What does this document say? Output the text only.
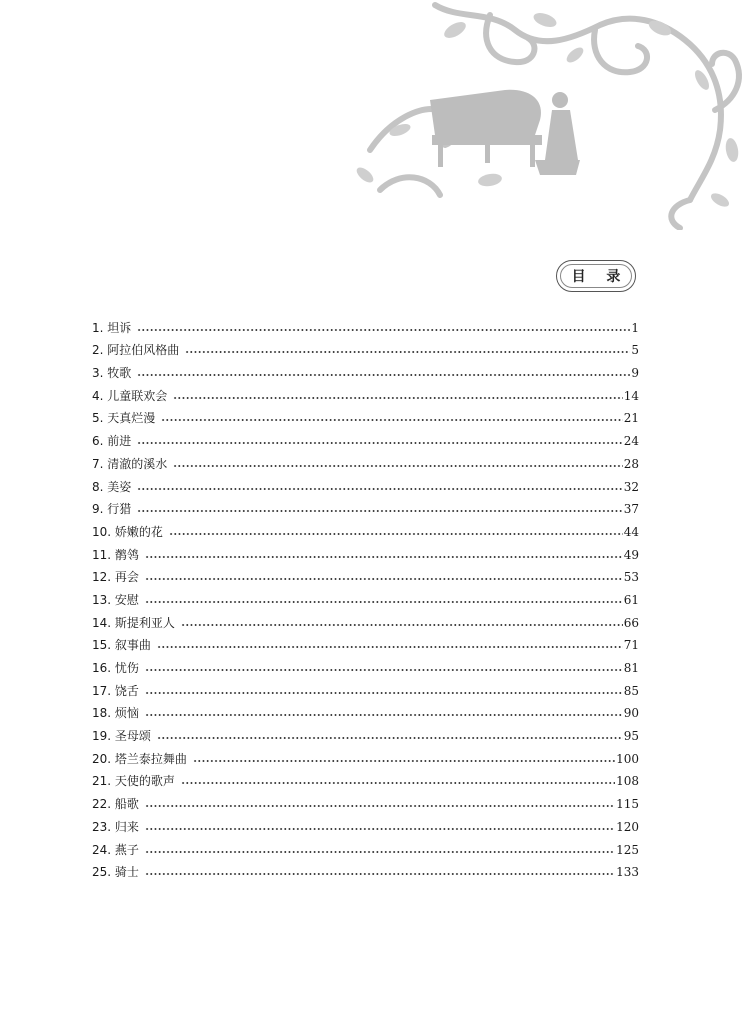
目 录
1. 坦诉	1
2. 阿拉伯风格曲	5
3. 牧歌	9
4. 儿童联欢会	14
5. 天真烂漫	21
6. 前进	24
7. 清澈的溪水	28
8. 美姿	32
9. 行猎	37
10. 娇嫩的花	44
11. 鹡鸰	49
12. 再会	53
13. 安慰	61
14. 斯提利亚人	66
15. 叙事曲	71
16. 忧伤	81
17. 饶舌	85
18. 烦恼	90
19. 圣母颂	95
20. 塔兰泰拉舞曲	100
21. 天使的歌声	108
22. 船歌	115
23. 归来	120
24. 燕子	125
25. 骑士	133
